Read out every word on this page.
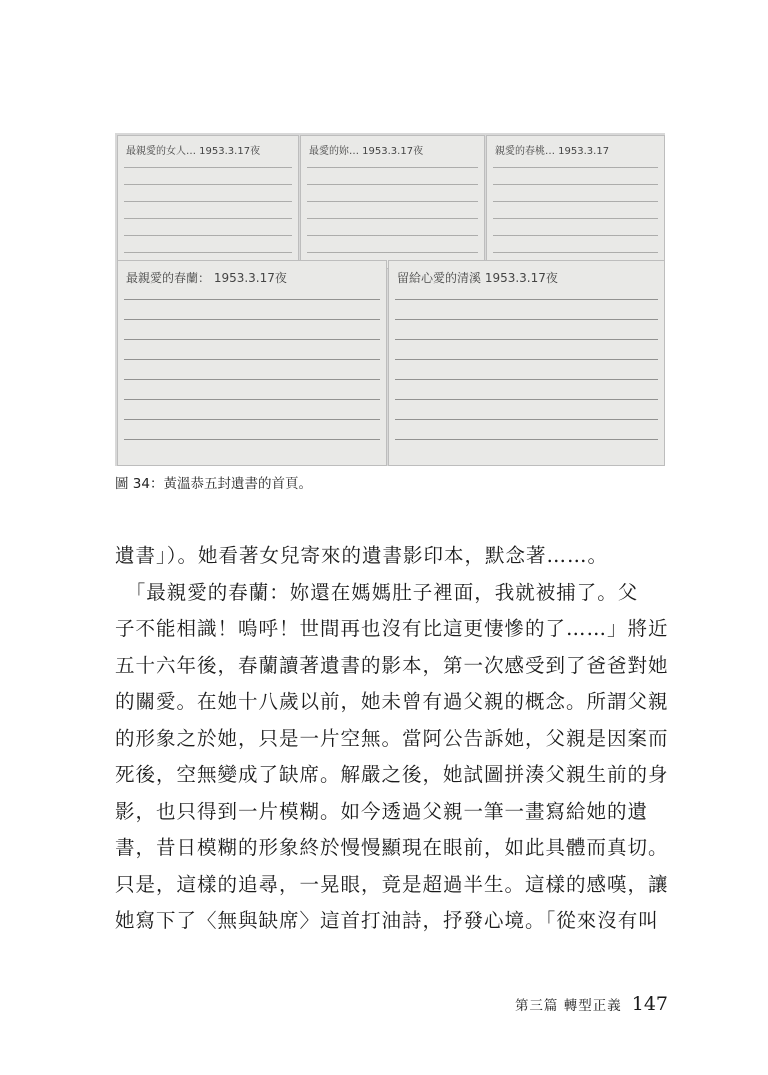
最親愛的女人… 1953.3.17夜	最愛的妳… 1953.3.17夜	親愛的春桃… 1953.3.17
最親愛的春蘭： 1953.3.17夜	留給心愛的清溪 1953.3.17夜
圖 34：黃溫恭五封遺書的首頁。

遺書」）。她看著女兒寄來的遺書影印本，默念著……。

　「最親愛的春蘭：妳還在媽媽肚子裡面，我就被捕了。父

子不能相識！嗚呼！世間再也沒有比這更悽慘的了……」將近

五十六年後，春蘭讀著遺書的影本，第一次感受到了爸爸對她

的關愛。在她十八歲以前，她未曾有過父親的概念。所謂父親

的形象之於她，只是一片空無。當阿公告訴她，父親是因案而

死後，空無變成了缺席。解嚴之後，她試圖拼湊父親生前的身

影，也只得到一片模糊。如今透過父親一筆一畫寫給她的遺

書，昔日模糊的形象終於慢慢顯現在眼前，如此具體而真切。

只是，這樣的追尋，一晃眼，竟是超過半生。這樣的感嘆，讓

她寫下了〈無與缺席〉這首打油詩，抒發心境。「從來沒有叫

第三篇 轉型正義 147
